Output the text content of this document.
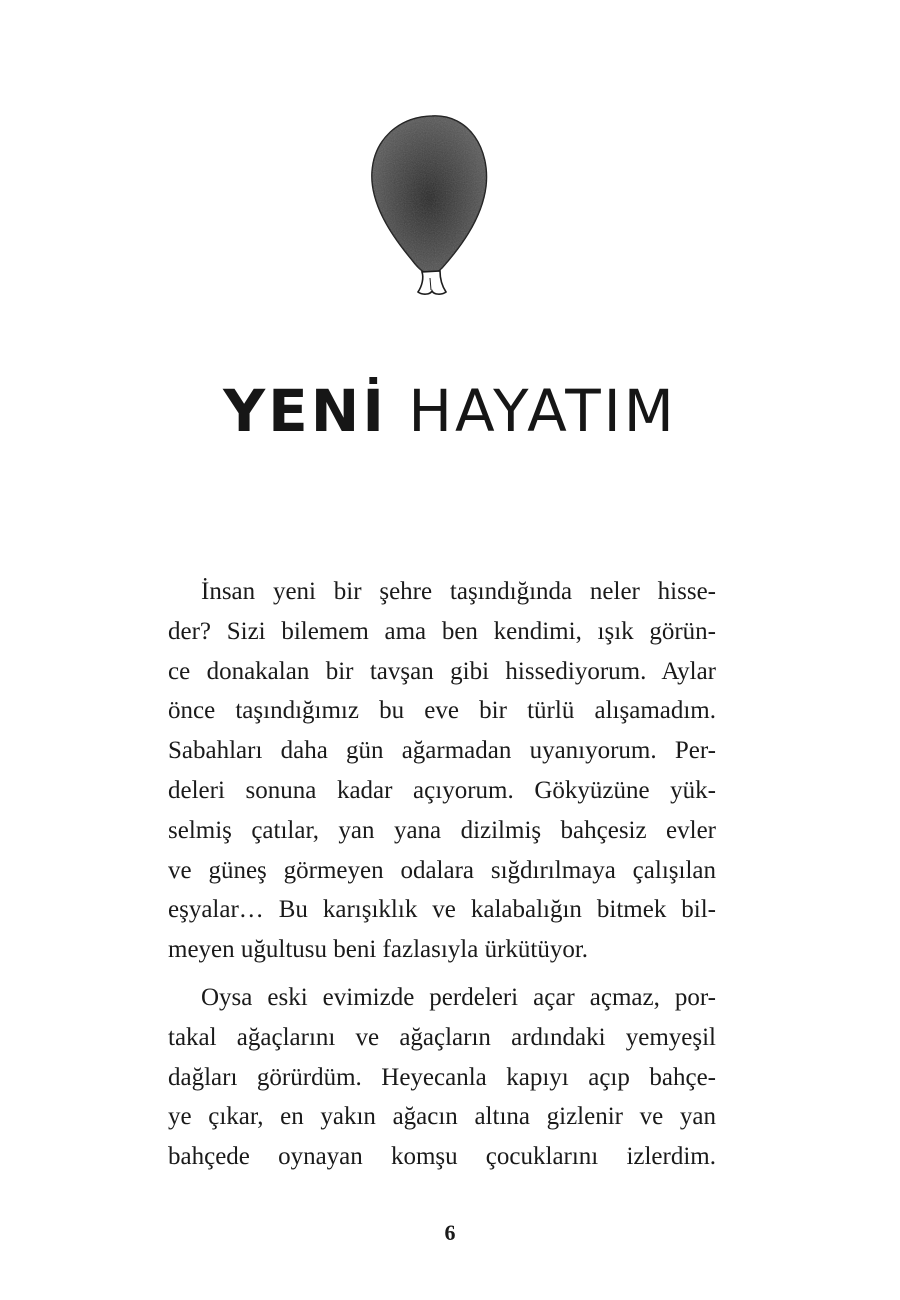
YENİ HAYATIM
İnsan yeni bir şehre taşındığında neler hisse-
der? Sizi bilemem ama ben kendimi, ışık görün-
ce donakalan bir tavşan gibi hissediyorum. Aylar
önce taşındığımız bu eve bir türlü alışamadım.
Sabahları daha gün ağarmadan uyanıyorum. Per-
deleri sonuna kadar açıyorum. Gökyüzüne yük-
selmiş çatılar, yan yana dizilmiş bahçesiz evler
ve güneş görmeyen odalara sığdırılmaya çalışılan
eşyalar… Bu karışıklık ve kalabalığın bitmek bil-
meyen uğultusu beni fazlasıyla ürkütüyor.
Oysa eski evimizde perdeleri açar açmaz, por-
takal ağaçlarını ve ağaçların ardındaki yemyeşil
dağları görürdüm. Heyecanla kapıyı açıp bahçe-
ye çıkar, en yakın ağacın altına gizlenir ve yan
bahçede oynayan komşu çocuklarını izlerdim.
6
